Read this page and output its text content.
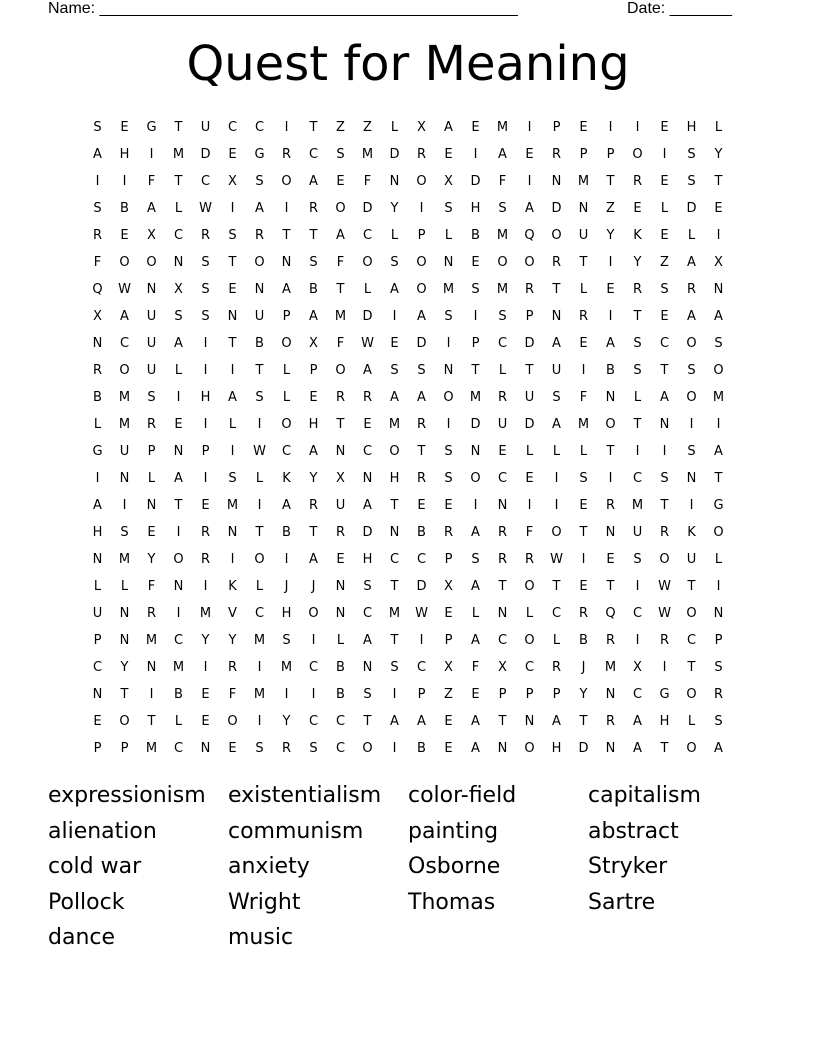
Name: _______________________________________________	Date: _______
Quest for Meaning
S	E	G	T	U	C	C	I	T	Z	Z	L	X	A	E	M	I	P	E	I	I	E	H	L
A	H	I	M	D	E	G	R	C	S	M	D	R	E	I	A	E	R	P	P	O	I	S	Y
I	I	F	T	C	X	S	O	A	E	F	N	O	X	D	F	I	N	M	T	R	E	S	T
S	B	A	L	W	I	A	I	R	O	D	Y	I	S	H	S	A	D	N	Z	E	L	D	E
R	E	X	C	R	S	R	T	T	A	C	L	P	L	B	M	Q	O	U	Y	K	E	L	I
F	O	O	N	S	T	O	N	S	F	O	S	O	N	E	O	O	R	T	I	Y	Z	A	X
Q	W	N	X	S	E	N	A	B	T	L	A	O	M	S	M	R	T	L	E	R	S	R	N
X	A	U	S	S	N	U	P	A	M	D	I	A	S	I	S	P	N	R	I	T	E	A	A
N	C	U	A	I	T	B	O	X	F	W	E	D	I	P	C	D	A	E	A	S	C	O	S
R	O	U	L	I	I	T	L	P	O	A	S	S	N	T	L	T	U	I	B	S	T	S	O
B	M	S	I	H	A	S	L	E	R	R	A	A	O	M	R	U	S	F	N	L	A	O	M
L	M	R	E	I	L	I	O	H	T	E	M	R	I	D	U	D	A	M	O	T	N	I	I
G	U	P	N	P	I	W	C	A	N	C	O	T	S	N	E	L	L	L	T	I	I	S	A
I	N	L	A	I	S	L	K	Y	X	N	H	R	S	O	C	E	I	S	I	C	S	N	T
A	I	N	T	E	M	I	A	R	U	A	T	E	E	I	N	I	I	E	R	M	T	I	G
H	S	E	I	R	N	T	B	T	R	D	N	B	R	A	R	F	O	T	N	U	R	K	O
N	M	Y	O	R	I	O	I	A	E	H	C	C	P	S	R	R	W	I	E	S	O	U	L
L	L	F	N	I	K	L	J	J	N	S	T	D	X	A	T	O	T	E	T	I	W	T	I
U	N	R	I	M	V	C	H	O	N	C	M	W	E	L	N	L	C	R	Q	C	W	O	N
P	N	M	C	Y	Y	M	S	I	L	A	T	I	P	A	C	O	L	B	R	I	R	C	P
C	Y	N	M	I	R	I	M	C	B	N	S	C	X	F	X	C	R	J	M	X	I	T	S
N	T	I	B	E	F	M	I	I	B	S	I	P	Z	E	P	P	P	Y	N	C	G	O	R
E	O	T	L	E	O	I	Y	C	C	T	A	A	E	A	T	N	A	T	R	A	H	L	S
P	P	M	C	N	E	S	R	S	C	O	I	B	E	A	N	O	H	D	N	A	T	O	A
expressionism	existentialism	color-field	capitalism
alienation	communism	painting	abstract
cold war	anxiety	Osborne	Stryker
Pollock	Wright	Thomas	Sartre
dance	music
